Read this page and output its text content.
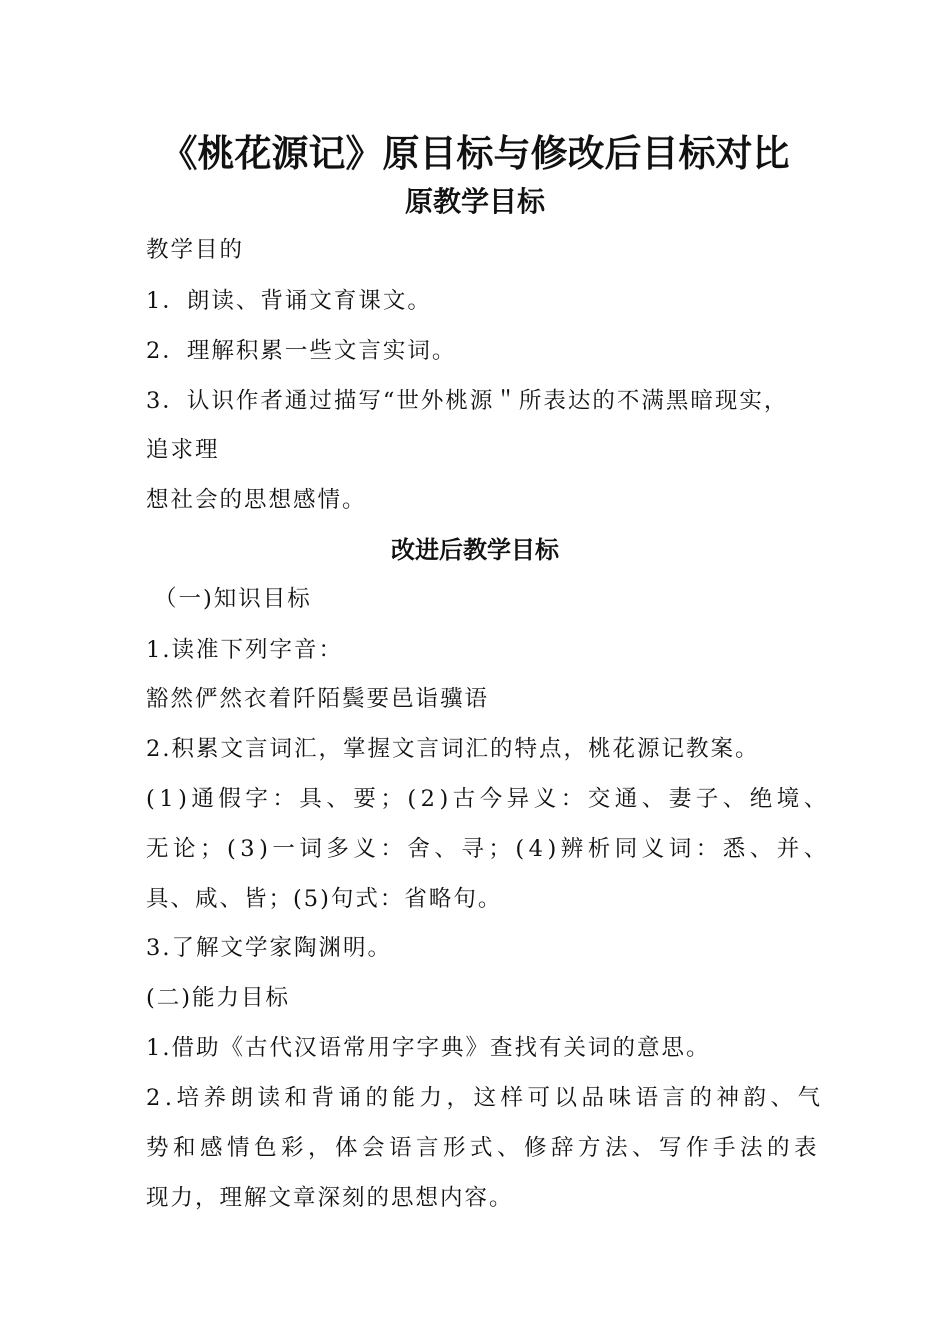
《桃花源记》原目标与修改后目标对比
原教学目标
教学目的
1．朗读、背诵文育课文。
2．理解积累一些文言实词。
3．认识作者通过描写“世外桃源＂所表达的不满黑暗现实，
追求理
想社会的思想感情。
改进后教学目标
（一)知识目标
1.读准下列字音：
豁然俨然衣着阡陌鬓要邑诣骥语
2.积累文言词汇，掌握文言词汇的特点，桃花源记教案。
(1)通假字：具、要；(2)古今异义：交通、妻子、绝境、
无论；(3)一词多义：舍、寻；(4)辨析同义词：悉、并、
具、咸、皆；(5)句式：省略句。
3.了解文学家陶渊明。
(二)能力目标
1.借助《古代汉语常用字字典》查找有关词的意思。
2.培养朗读和背诵的能力，这样可以品味语言的神韵、气
势和感情色彩，体会语言形式、修辞方法、写作手法的表
现力，理解文章深刻的思想内容。
